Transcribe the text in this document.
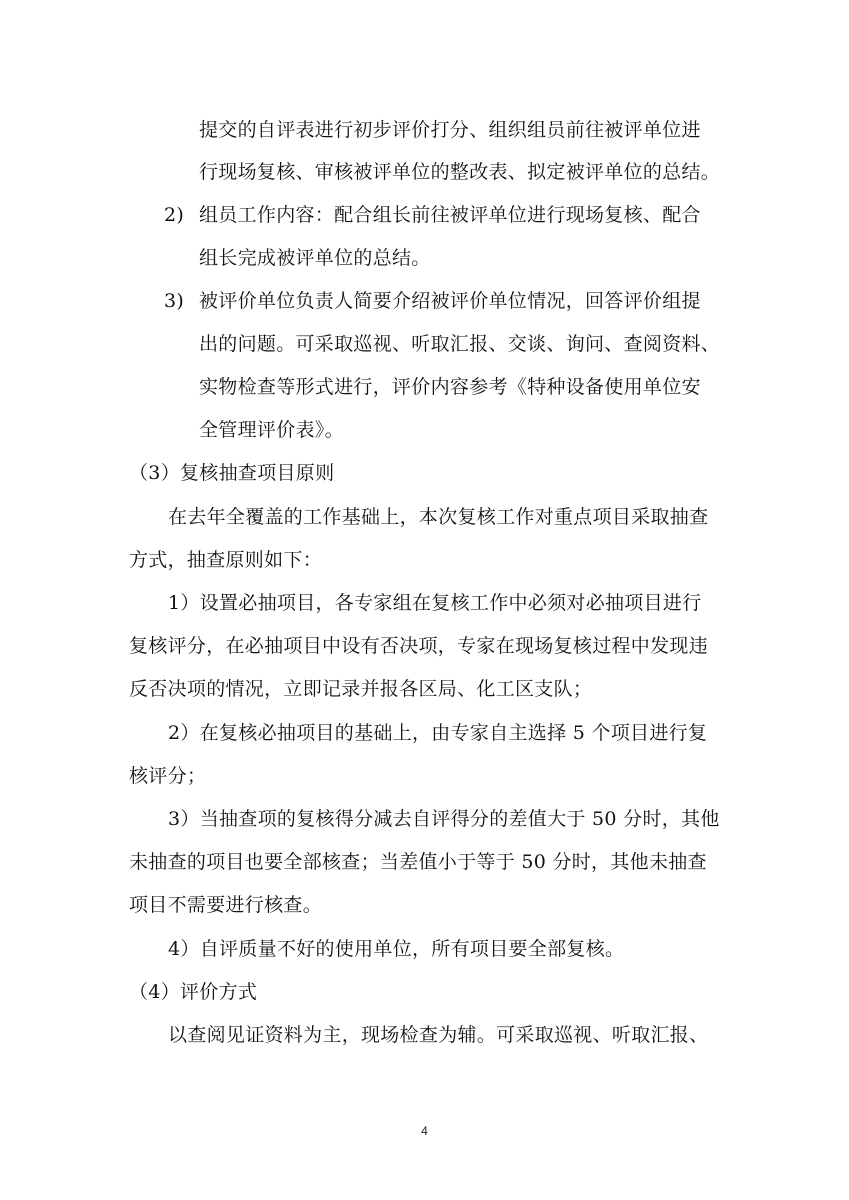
提交的自评表进行初步评价打分、组织组员前往被评单位进
行现场复核、审核被评单位的整改表、拟定被评单位的总结。
2) 组员工作内容：配合组长前往被评单位进行现场复核、配合
组长完成被评单位的总结。
3) 被评价单位负责人简要介绍被评价单位情况，回答评价组提
出的问题。可采取巡视、听取汇报、交谈、询问、查阅资料、
实物检查等形式进行，评价内容参考《特种设备使用单位安
全管理评价表》。
（3）复核抽查项目原则
在去年全覆盖的工作基础上，本次复核工作对重点项目采取抽查
方式，抽查原则如下：
1）设置必抽项目，各专家组在复核工作中必须对必抽项目进行
复核评分，在必抽项目中设有否决项，专家在现场复核过程中发现违
反否决项的情况，立即记录并报各区局、化工区支队；
2）在复核必抽项目的基础上，由专家自主选择 5 个项目进行复
核评分；
3）当抽查项的复核得分减去自评得分的差值大于 50 分时，其他
未抽查的项目也要全部核查；当差值小于等于 50 分时，其他未抽查
项目不需要进行核查。
4）自评质量不好的使用单位，所有项目要全部复核。
（4）评价方式
以查阅见证资料为主，现场检查为辅。可采取巡视、听取汇报、
4
